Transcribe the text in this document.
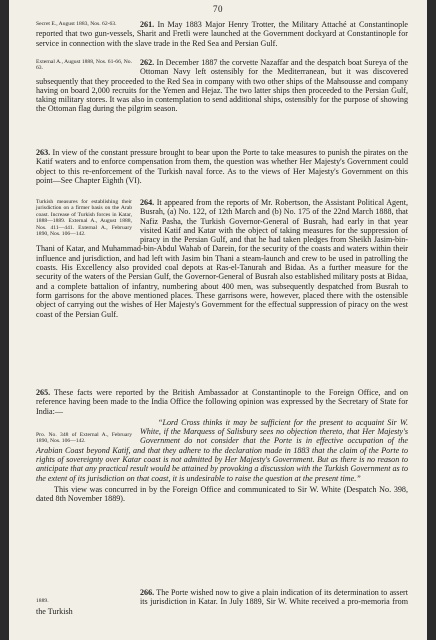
70
Secret E., August 1883, Nos. 62-63.	261. In May 1883 Major Henry Trotter, the Military Attaché at Constantinople reported that two gun-vessels, Sharit and Fretli were launched at the Government dockyard at Constantinople for service in connection with the slave trade in the Red Sea and Persian Gulf.

External A., August 1888, Nos. 61-66, No. 63.

262. In December 1887 the corvette Nazaffar and the despatch boat Sureya of the Ottoman Navy left ostensibly for the Mediterranean, but it was discovered subsequently that they proceeded to the Red Sea in company with two other ships of the Mahsousse and company having on board 2,000 recruits for the Yemen and Hejaz. The two latter ships then proceeded to the Persian Gulf, taking military stores. It was also in contemplation to send additional ships, ostensibly for the purpose of showing the Ottoman flag during the pilgrim season.

263. In view of the constant pressure brought to bear upon the Porte to take measures to punish the pirates on the Katif waters and to enforce compensation from them, the question was whether Her Majesty's Government could object to this re-enforcement of the Turkish naval force. As to the views of Her Majesty's Government on this point—See Chapter Eighth (VI).

Turkish measures for establishing their jurisdiction on a firmer basis on the Arab coast. Increase of Turkish forces in Katar, 1888—1889. External A., August 1888, Nos. 411—441. External A., February 1890, Nos. 106—142.

264. It appeared from the reports of Mr. Robertson, the Assistant Political Agent, Busrah, (a) No. 122, of 12th March and (b) No. 175 of the 22nd March 1888, that Nafiz Pasha, the Turkish Governor-General of Busrah, had early in that year visited Katif and Katar with the object of taking measures for the suppression of piracy in the Persian Gulf, and that he had taken pledges from Sheikh Jasim-bin-Thani of Katar, and Muhammad-bin-Abdul Wahab of Darein, for the security of the coasts and waters within their influence and jurisdiction, and had left with Jasim bin Thani a steam-launch and crew to be used in patrolling the coasts. His Excellency also provided coal depots at Ras-el-Tanurah and Bidaa. As a further measure for the security of the waters of the Persian Gulf, the Governor-General of Busrah also established military posts at Bidaa, and a complete battalion of infantry, numbering about 400 men, was subsequently despatched from Busrah to form garrisons for the above mentioned places. These garrisons were, however, placed there with the ostensible object of carrying out the wishes of Her Majesty's Government for the effectual suppression of piracy on the west coast of the Persian Gulf.

265. These facts were reported by the British Ambassador at Constantinople to the Foreign Office, and on reference having been made to the India Office the following opinion was expressed by the Secretary of State for India:—

Pro. No. 348 of External A., February 1890, Nos. 106—142.

“Lord Cross thinks it may be sufficient for the present to acquaint Sir W. White, if the Marquess of Salisbury sees no objection thereto, that Her Majesty's Government do not consider that the Porte is in effective occupation of the Arabian Coast beyond Katif, and that they adhere to the declaration made in 1883 that the claim of the Porte to rights of sovereignty over Katar coast is not admitted by Her Majesty's Government. But as there is no reason to anticipate that any practical result would be attained by provoking a discussion with the Turkish Government as to the extent of its jurisdiction on that coast, it is undesirable to raise the question at the present time.”

This view was concurred in by the Foreign Office and communicated to Sir W. White (Despatch No. 398, dated 8th November 1889).

1889.

266. The Porte wished now to give a plain indication of its determination to assert its jurisdiction in Katar. In July 1889, Sir W. White received a pro-memoria from the Turkish
